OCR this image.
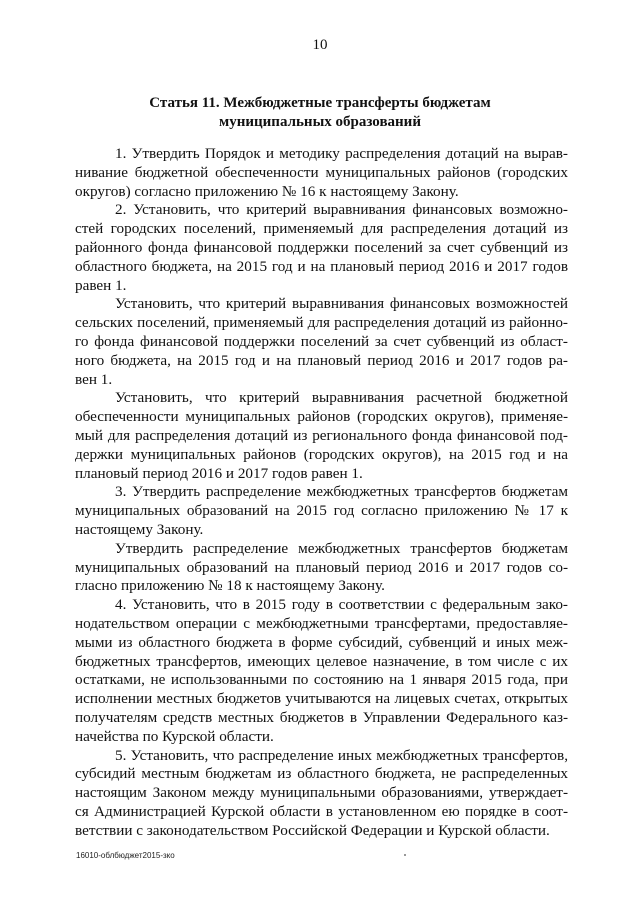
10
Статья 11. Межбюджетные трансферты бюджетам
муниципальных образований
1. Утвердить Порядок и методику распределения дотаций на вырав-
нивание бюджетной обеспеченности муниципальных районов (городских
округов) согласно приложению № 16 к настоящему Закону.
2. Установить, что критерий выравнивания финансовых возможно-
стей городских поселений, применяемый для распределения дотаций из
районного фонда финансовой поддержки поселений за счет субвенций из
областного бюджета, на 2015 год и на плановый период 2016 и 2017 годов
равен 1.
Установить, что критерий выравнивания финансовых возможностей
сельских поселений, применяемый для распределения дотаций из районно-
го фонда финансовой поддержки поселений за счет субвенций из област-
ного бюджета, на 2015 год и на плановый период 2016 и 2017 годов ра-
вен 1.
Установить, что критерий выравнивания расчетной бюджетной
обеспеченности муниципальных районов (городских округов), применяе-
мый для распределения дотаций из регионального фонда финансовой под-
держки муниципальных районов (городских округов), на 2015 год и на
плановый период 2016 и 2017 годов равен 1.
3. Утвердить распределение межбюджетных трансфертов бюджетам
муниципальных образований на 2015 год согласно приложению № 17 к
настоящему Закону.
Утвердить распределение межбюджетных трансфертов бюджетам
муниципальных образований на плановый период 2016 и 2017 годов со-
гласно приложению № 18 к настоящему Закону.
4. Установить, что в 2015 году в соответствии с федеральным зако-
нодательством операции с межбюджетными трансфертами, предоставляе-
мыми из областного бюджета в форме субсидий, субвенций и иных меж-
бюджетных трансфертов, имеющих целевое назначение, в том числе с их
остатками, не использованными по состоянию на 1 января 2015 года, при
исполнении местных бюджетов учитываются на лицевых счетах, открытых
получателям средств местных бюджетов в Управлении Федерального каз-
начейства по Курской области.
5. Установить, что распределение иных межбюджетных трансфертов,
субсидий местным бюджетам из областного бюджета, не распределенных
настоящим Законом между муниципальными образованиями, утверждает-
ся Администрацией Курской области в установленном ею порядке в соот-
ветствии с законодательством Российской Федерации и Курской области.
16010-облбюджет2015-зко
